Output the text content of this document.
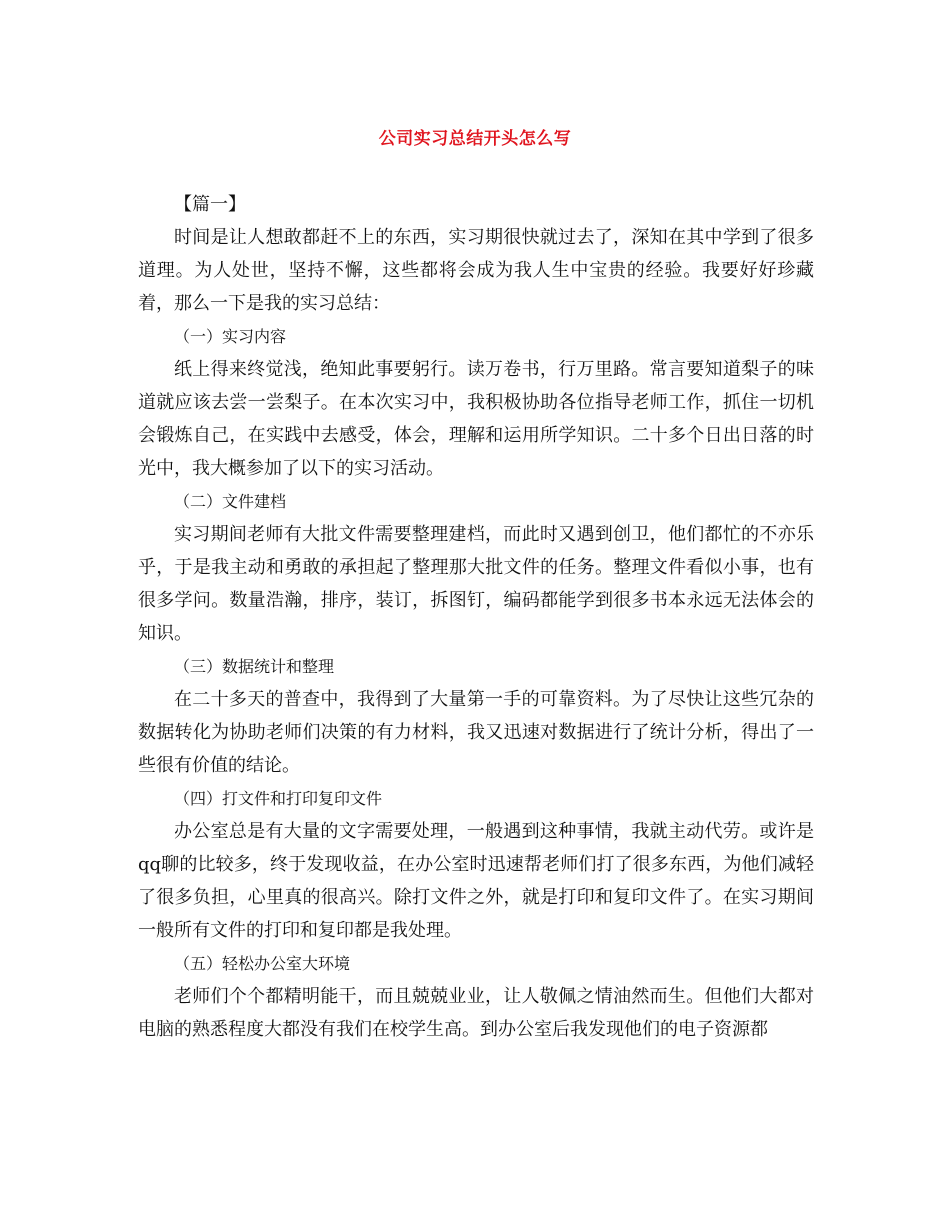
公司实习总结开头怎么写

【篇一】

时间是让人想敢都赶不上的东西，实习期很快就过去了，深知在其中学到了很多道理。为人处世，坚持不懈，这些都将会成为我人生中宝贵的经验。我要好好珍藏着，那么一下是我的实习总结：

（一）实习内容

纸上得来终觉浅，绝知此事要躬行。读万卷书，行万里路。常言要知道梨子的味道就应该去尝一尝梨子。在本次实习中，我积极协助各位指导老师工作，抓住一切机会锻炼自己，在实践中去感受，体会，理解和运用所学知识。二十多个日出日落的时光中，我大概参加了以下的实习活动。

（二）文件建档

实习期间老师有大批文件需要整理建档，而此时又遇到创卫，他们都忙的不亦乐乎，于是我主动和勇敢的承担起了整理那大批文件的任务。整理文件看似小事，也有很多学问。数量浩瀚，排序，装订，拆图钉，编码都能学到很多书本永远无法体会的知识。

（三）数据统计和整理

在二十多天的普查中，我得到了大量第一手的可靠资料。为了尽快让这些冗杂的数据转化为协助老师们决策的有力材料，我又迅速对数据进行了统计分析，得出了一些很有价值的结论。

（四）打文件和打印复印文件

办公室总是有大量的文字需要处理，一般遇到这种事情，我就主动代劳。或许是qq聊的比较多，终于发现收益，在办公室时迅速帮老师们打了很多东西，为他们减轻了很多负担，心里真的很高兴。除打文件之外，就是打印和复印文件了。在实习期间一般所有文件的打印和复印都是我处理。

（五）轻松办公室大环境

老师们个个都精明能干，而且兢兢业业，让人敬佩之情油然而生。但他们大都对电脑的熟悉程度大都没有我们在校学生高。到办公室后我发现他们的电子资源都
